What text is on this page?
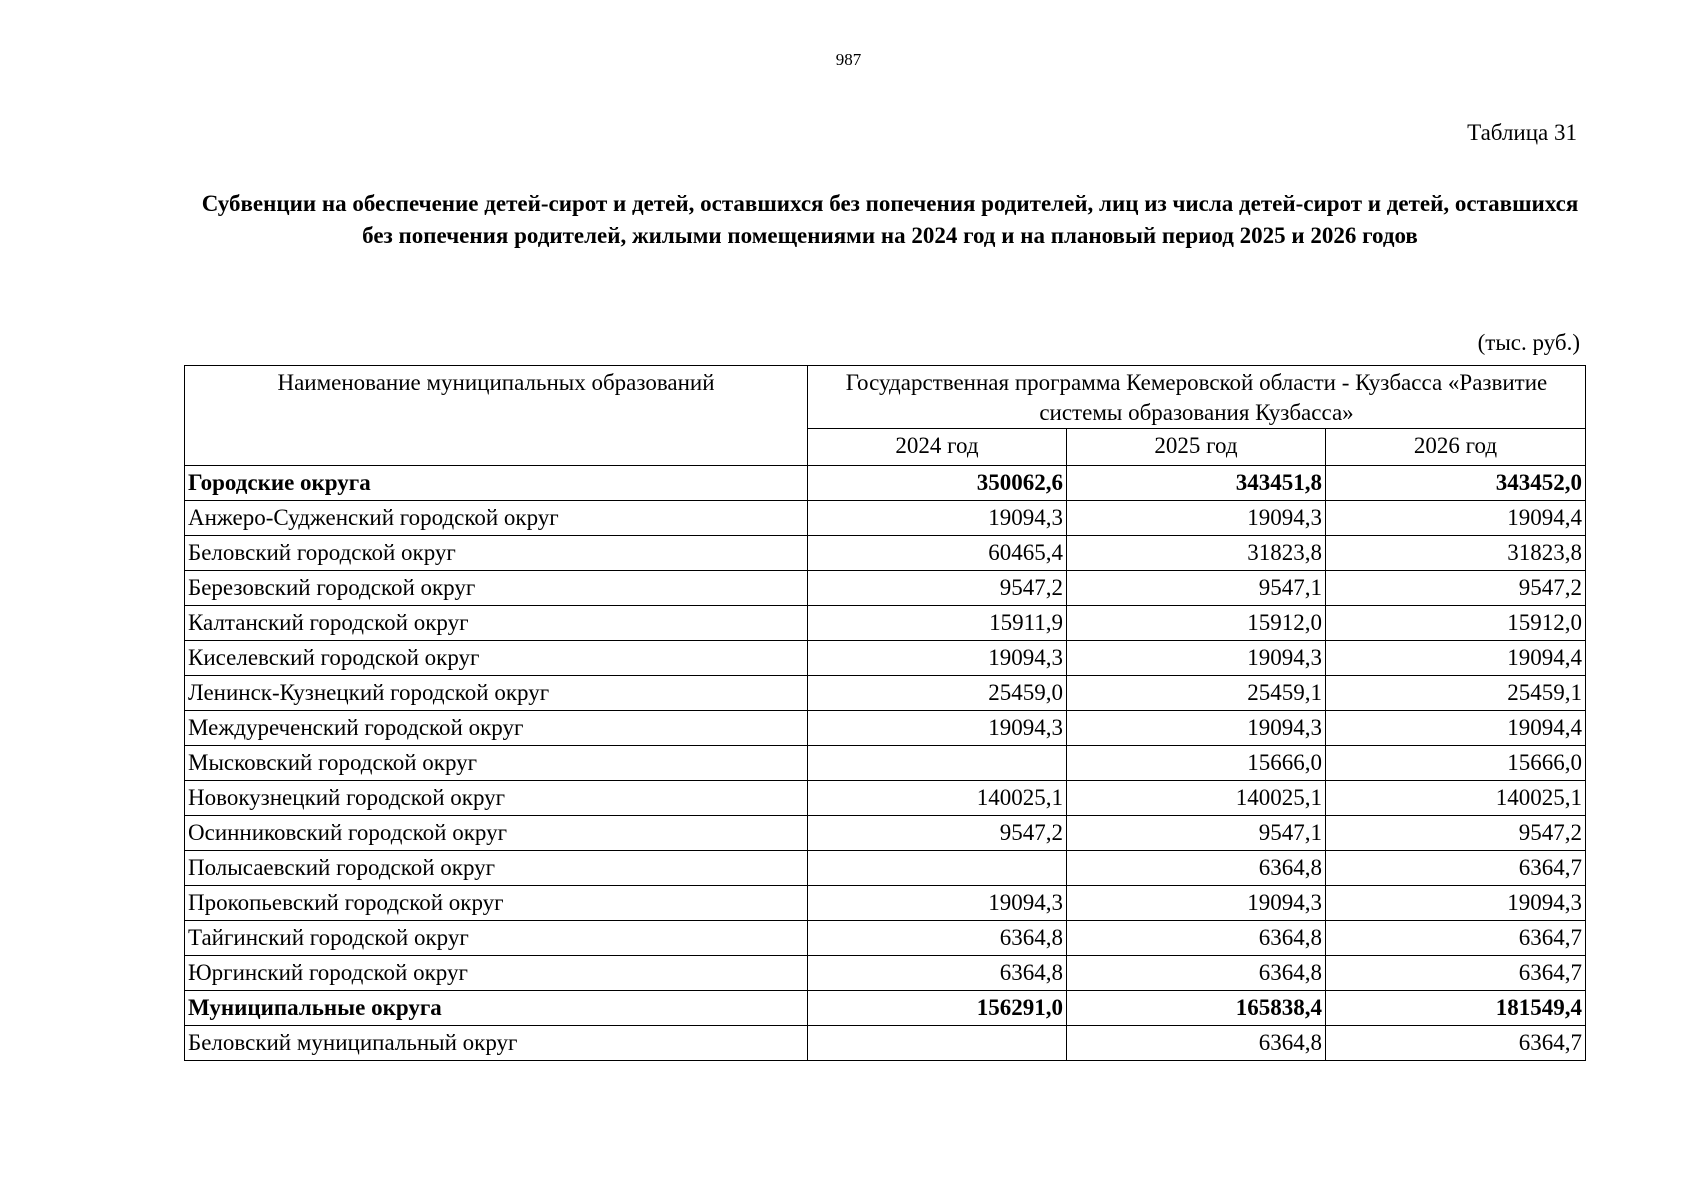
987
Таблица 31

Субвенции на обеспечение детей-сирот и детей, оставшихся без попечения родителей, лиц из числа детей-сирот и детей, оставшихся без попечения родителей, жилыми помещениями на 2024 год и на плановый период 2025 и 2026 годов

(тыс. руб.)
Наименование муниципальных образований	Государственная программа Кемеровской области - Кузбасса «Развитие системы образования Кузбасса»		
	2024 год	2025 год	2026 год
Городские округа	350062,6	343451,8	343452,0
Анжеро-Судженский городской округ	19094,3	19094,3	19094,4
Беловский городской округ	60465,4	31823,8	31823,8
Березовский городской округ	9547,2	9547,1	9547,2
Калтанский городской округ	15911,9	15912,0	15912,0
Киселевский городской округ	19094,3	19094,3	19094,4
Ленинск-Кузнецкий городской округ	25459,0	25459,1	25459,1
Междуреченский городской округ	19094,3	19094,3	19094,4
Мысковский городской округ		15666,0	15666,0
Новокузнецкий городской округ	140025,1	140025,1	140025,1
Осинниковский городской округ	9547,2	9547,1	9547,2
Полысаевский городской округ		6364,8	6364,7
Прокопьевский городской округ	19094,3	19094,3	19094,3
Тайгинский городской округ	6364,8	6364,8	6364,7
Юргинский городской округ	6364,8	6364,8	6364,7
Муниципальные округа	156291,0	165838,4	181549,4
Беловский муниципальный округ		6364,8	6364,7
